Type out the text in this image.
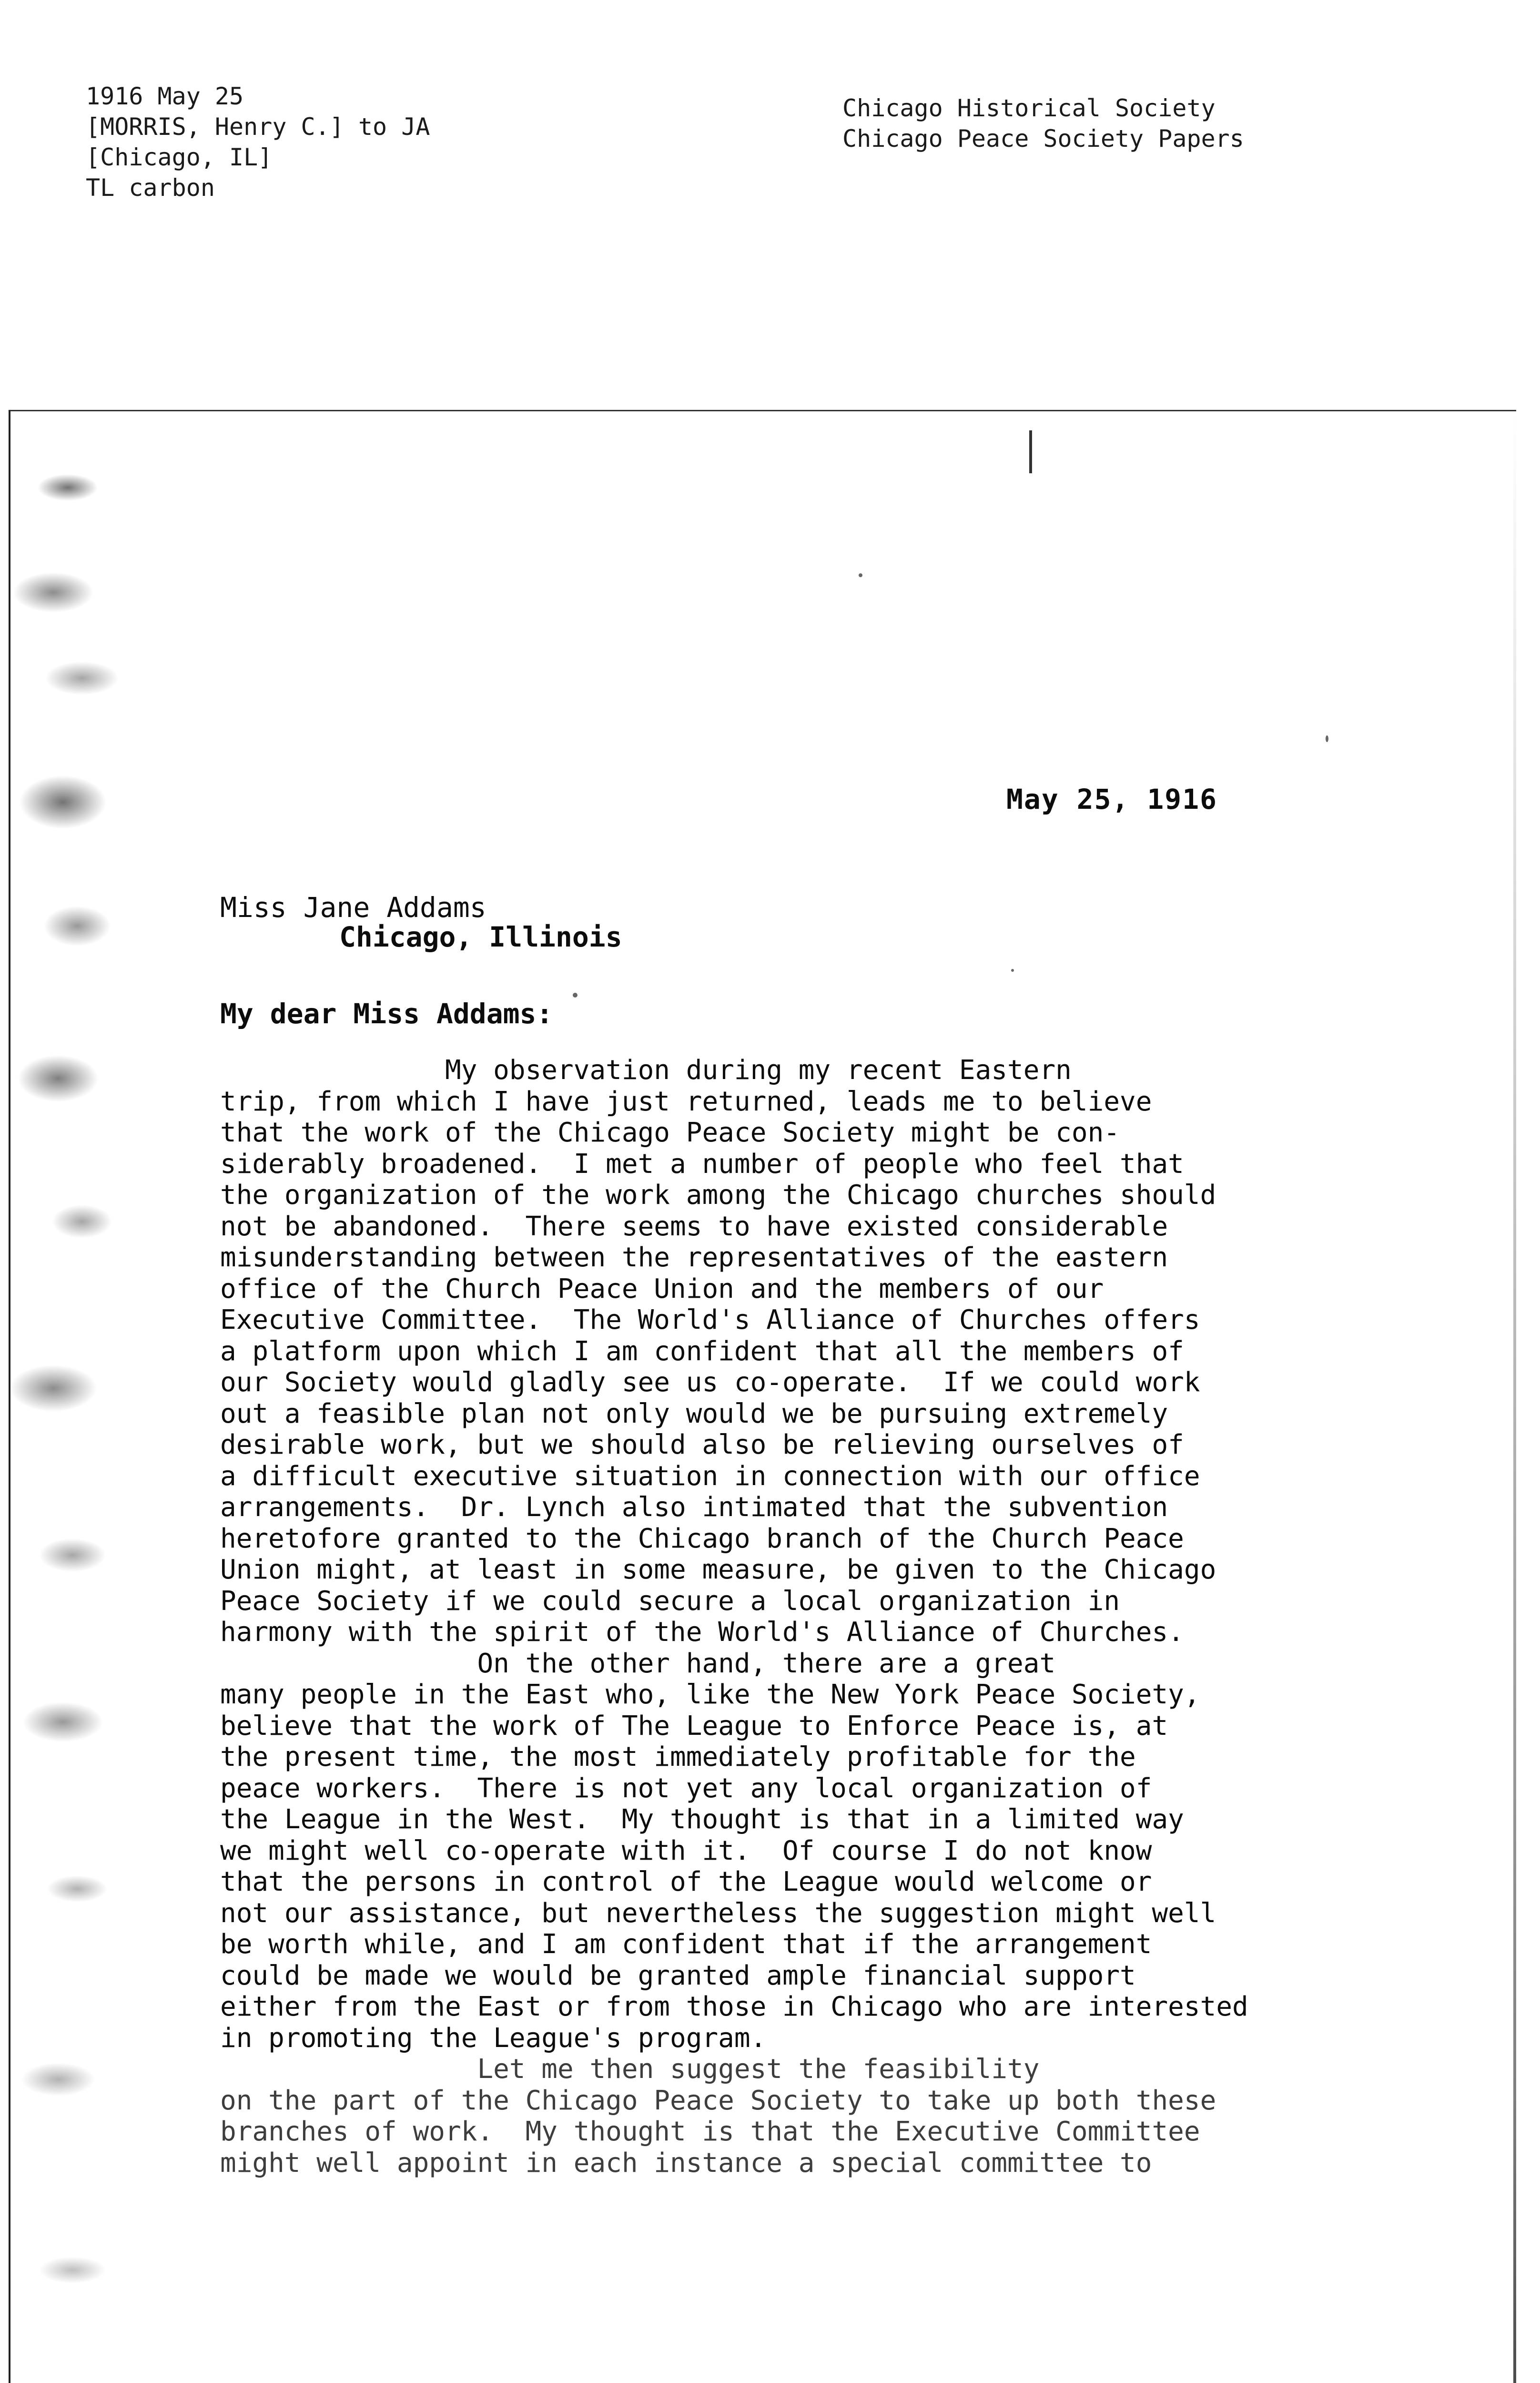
1916 May 25
[MORRIS, Henry C.] to JA
[Chicago, IL]
TL carbon
Chicago Historical Society
Chicago Peace Society Papers
May 25, 1916
Miss Jane Addams
Chicago, Illinois
My dear Miss Addams:
My observation during my recent Eastern
trip, from which I have just returned, leads me to believe
that the work of the Chicago Peace Society might be con-
siderably broadened.  I met a number of people who feel that
the organization of the work among the Chicago churches should
not be abandoned.  There seems to have existed considerable
misunderstanding between the representatives of the eastern
office of the Church Peace Union and the members of our
Executive Committee.  The World's Alliance of Churches offers
a platform upon which I am confident that all the members of
our Society would gladly see us co-operate.  If we could work
out a feasible plan not only would we be pursuing extremely
desirable work, but we should also be relieving ourselves of
a difficult executive situation in connection with our office
arrangements.  Dr. Lynch also intimated that the subvention
heretofore granted to the Chicago branch of the Church Peace
Union might, at least in some measure, be given to the Chicago
Peace Society if we could secure a local organization in
harmony with the spirit of the World's Alliance of Churches.
On the other hand, there are a great
many people in the East who, like the New York Peace Society,
believe that the work of The League to Enforce Peace is, at
the present time, the most immediately profitable for the
peace workers.  There is not yet any local organization of
the League in the West.  My thought is that in a limited way
we might well co-operate with it.  Of course I do not know
that the persons in control of the League would welcome or
not our assistance, but nevertheless the suggestion might well
be worth while, and I am confident that if the arrangement
could be made we would be granted ample financial support
either from the East or from those in Chicago who are interested
in promoting the League's program.
Let me then suggest the feasibility
on the part of the Chicago Peace Society to take up both these
branches of work.  My thought is that the Executive Committee
might well appoint in each instance a special committee to
